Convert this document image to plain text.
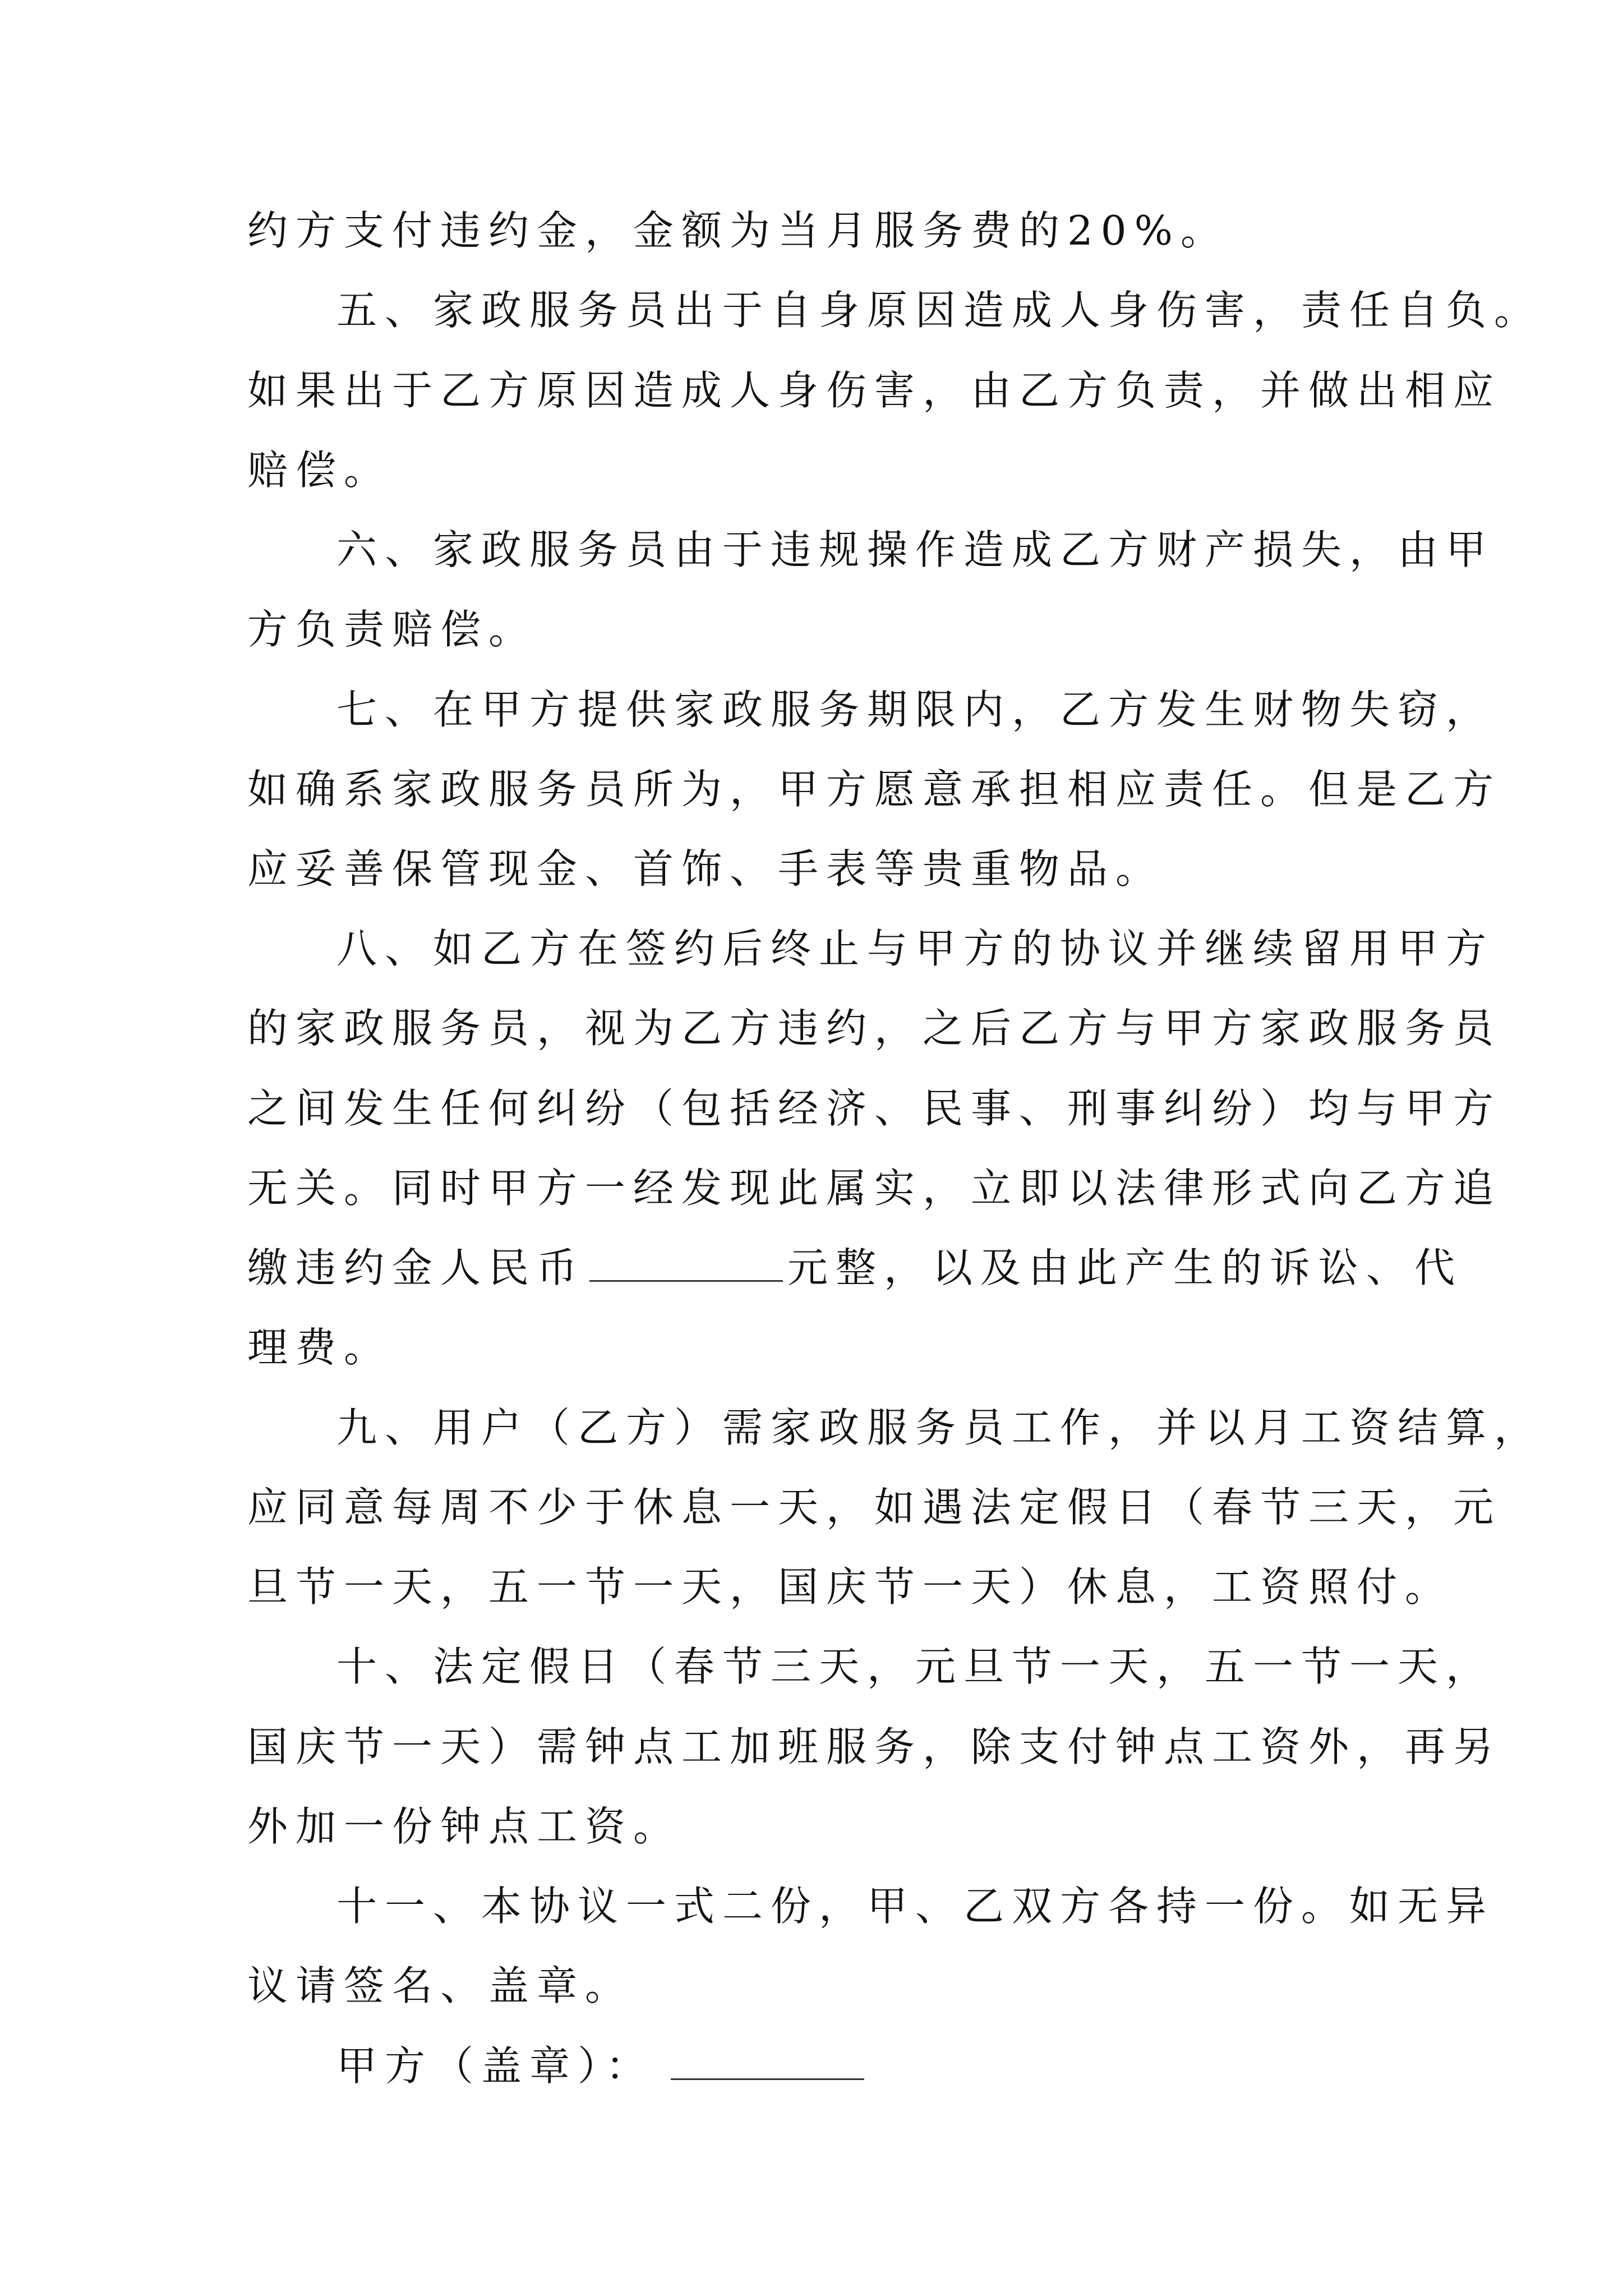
约方支付违约金，金额为当月服务费的20%。
五、家政服务员出于自身原因造成人身伤害，责任自负。
如果出于乙方原因造成人身伤害，由乙方负责，并做出相应
赔偿。
六、家政服务员由于违规操作造成乙方财产损失，由甲
方负责赔偿。
七、在甲方提供家政服务期限内，乙方发生财物失窃，
如确系家政服务员所为，甲方愿意承担相应责任。但是乙方
应妥善保管现金、首饰、手表等贵重物品。
八、如乙方在签约后终止与甲方的协议并继续留用甲方
的家政服务员，视为乙方违约，之后乙方与甲方家政服务员
之间发生任何纠纷（包括经济、民事、刑事纠纷）均与甲方
无关。同时甲方一经发现此属实，立即以法律形式向乙方追
缴违约金人民币	元整，以及由此产生的诉讼、代
理费。
九、用户（乙方）需家政服务员工作，并以月工资结算，
应同意每周不少于休息一天，如遇法定假日（春节三天，元
旦节一天，五一节一天，国庆节一天）休息，工资照付。
十、法定假日（春节三天，元旦节一天，五一节一天，
国庆节一天）需钟点工加班服务，除支付钟点工资外，再另
外加一份钟点工资。
十一、本协议一式二份，甲、乙双方各持一份。如无异
议请签名、盖章。
甲方（盖章）：
